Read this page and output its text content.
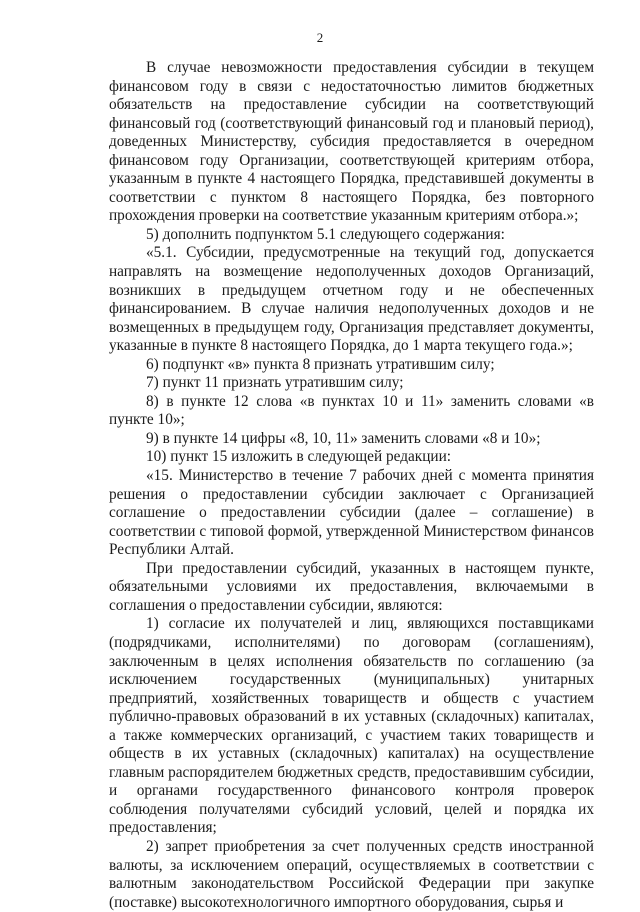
2

В случае невозможности предоставления субсидии в текущем финансовом году в связи с недостаточностью лимитов бюджетных обязательств на предоставление субсидии на соответствующий финансовый год (соответствующий финансовый год и плановый период), доведенных Министерству, субсидия предоставляется в очередном финансовом году Организации, соответствующей критериям отбора, указанным в пункте 4 настоящего Порядка, представившей документы в соответствии с пунктом 8 настоящего Порядка, без повторного прохождения проверки на соответствие указанным критериям отбора.»;

5) дополнить подпунктом 5.1 следующего содержания:

«5.1. Субсидии, предусмотренные на текущий год, допускается направлять на возмещение недополученных доходов Организаций, возникших в предыдущем отчетном году и не обеспеченных финансированием. В случае наличия недополученных доходов и не возмещенных в предыдущем году, Организация представляет документы, указанные в пункте 8 настоящего Порядка, до 1 марта текущего года.»;

6) подпункт «в» пункта 8 признать утратившим силу;

7) пункт 11 признать утратившим силу;

8) в пункте 12 слова «в пунктах 10 и 11» заменить словами «в пункте 10»;

9) в пункте 14 цифры «8, 10, 11» заменить словами «8 и 10»;

10) пункт 15 изложить в следующей редакции:

«15. Министерство в течение 7 рабочих дней с момента принятия решения о предоставлении субсидии заключает с Организацией соглашение о предоставлении субсидии (далее – соглашение) в соответствии с типовой формой, утвержденной Министерством финансов Республики Алтай.

При предоставлении субсидий, указанных в настоящем пункте, обязательными условиями их предоставления, включаемыми в соглашения о предоставлении субсидии, являются:

1) согласие их получателей и лиц, являющихся поставщиками (подрядчиками, исполнителями) по договорам (соглашениям), заключенным в целях исполнения обязательств по соглашению (за исключением государственных (муниципальных) унитарных предприятий, хозяйственных товариществ и обществ с участием публично-правовых образований в их уставных (складочных) капиталах, а также коммерческих организаций, с участием таких товариществ и обществ в их уставных (складочных) капиталах) на осуществление главным распорядителем бюджетных средств, предоставившим субсидии, и органами государственного финансового контроля проверок соблюдения получателями субсидий условий, целей и порядка их предоставления;

2) запрет приобретения за счет полученных средств иностранной валюты, за исключением операций, осуществляемых в соответствии с валютным законодательством Российской Федерации при закупке (поставке) высокотехнологичного импортного оборудования, сырья и
